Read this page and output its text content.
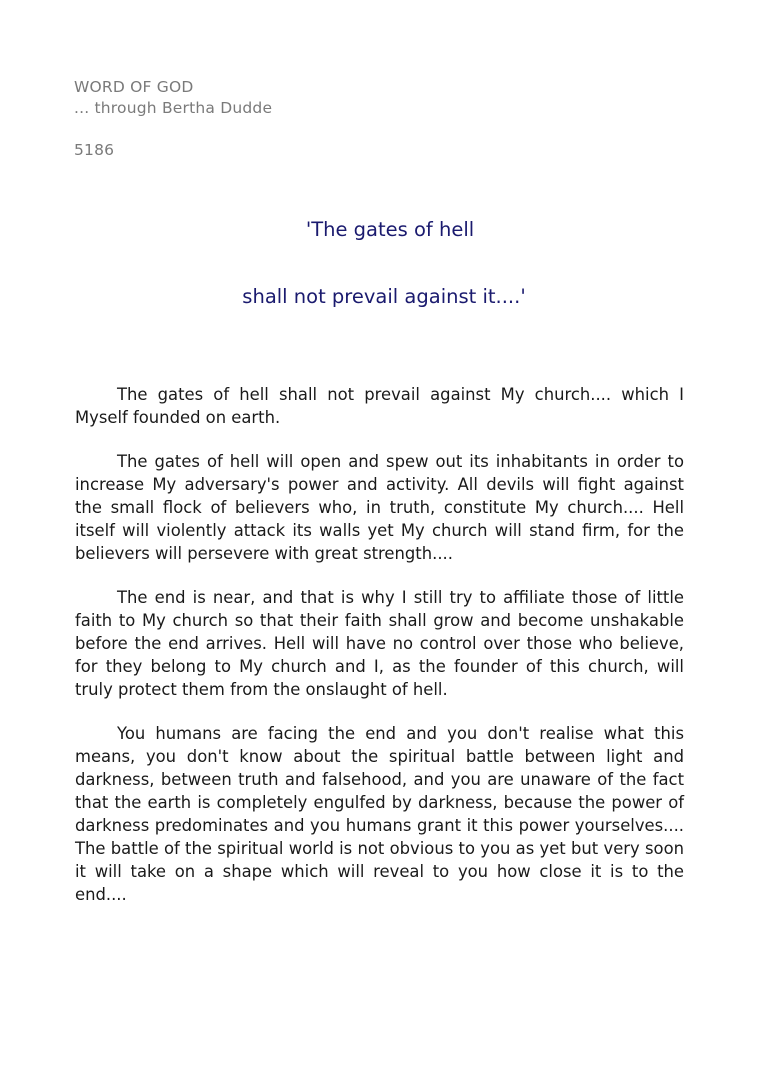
WORD OF GOD
... through Bertha Dudde
5186
'The gates of hell
shall not prevail against it....'

The gates of hell shall not prevail against My church.... which I Myself founded on earth.

The gates of hell will open and spew out its inhabitants in order to increase My adversary's power and activity. All devils will fight against the small flock of believers who, in truth, constitute My church.... Hell itself will violently attack its walls yet My church will stand firm, for the believers will persevere with great strength....

The end is near, and that is why I still try to affiliate those of little faith to My church so that their faith shall grow and become unshakable before the end arrives. Hell will have no control over those who believe, for they belong to My church and I, as the founder of this church, will truly protect them from the onslaught of hell.

You humans are facing the end and you don't realise what this means, you don't know about the spiritual battle between light and darkness, between truth and falsehood, and you are unaware of the fact that the earth is completely engulfed by darkness, because the power of darkness predominates and you humans grant it this power yourselves.... The battle of the spiritual world is not obvious to you as yet but very soon it will take on a shape which will reveal to you how close it is to the end....
